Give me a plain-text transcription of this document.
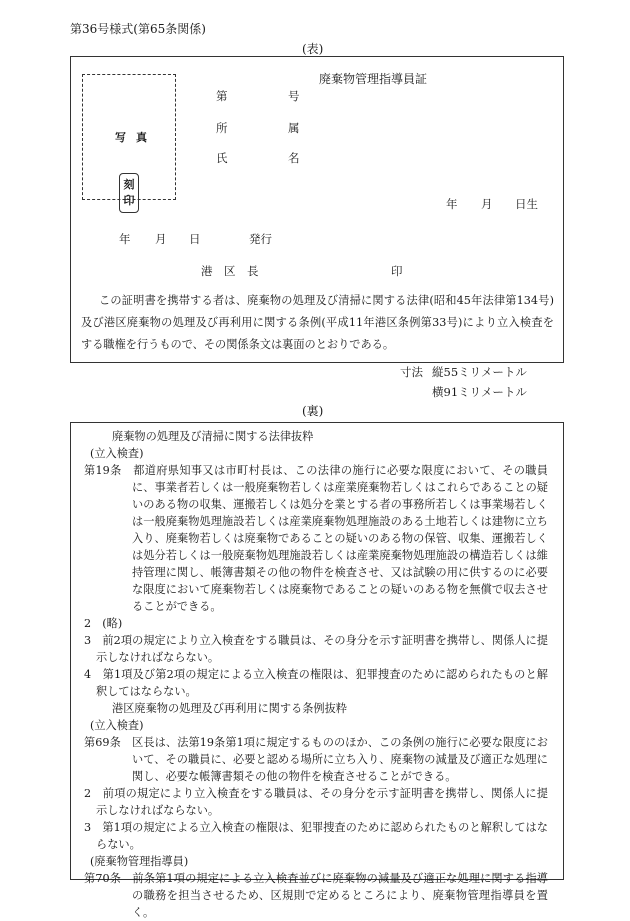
第36号様式(第65条関係)
(表)
写真
刻
印
廃棄物管理指導員証
第	号
所	属
氏	名
年 月 日生
年 月 日	発行
港　区　長	印
この証明書を携帯する者は、廃棄物の処理及び清掃に関する法律(昭和45年法律第134号)及び港区廃棄物の処理及び再利用に関する条例(平成11年港区条例第33号)により立入検査をする職権を行うもので、その関係条文は裏面のとおりである。
寸法 縦55ミリメートル
横91ミリメートル
(裏)

廃棄物の処理及び清掃に関する法律抜粋

(立入検査)

第19条　都道府県知事又は市町村長は、この法律の施行に必要な限度において、その職員に、事業者若しくは一般廃棄物若しくは産業廃棄物若しくはこれらであることの疑いのある物の収集、運搬若しくは処分を業とする者の事務所若しくは事業場若しくは一般廃棄物処理施設若しくは産業廃棄物処理施設のある土地若しくは建物に立ち入り、廃棄物若しくは廃棄物であることの疑いのある物の保管、収集、運搬若しくは処分若しくは一般廃棄物処理施設若しくは産業廃棄物処理施設の構造若しくは維持管理に関し、帳簿書類その他の物件を検査させ、又は試験の用に供するのに必要な限度において廃棄物若しくは廃棄物であることの疑いのある物を無償で収去させることができる。

2　(略)

3　前2項の規定により立入検査をする職員は、その身分を示す証明書を携帯し、関係人に提示しなければならない。

4　第1項及び第2項の規定による立入検査の権限は、犯罪捜査のために認められたものと解釈してはならない。

港区廃棄物の処理及び再利用に関する条例抜粋

(立入検査)

第69条　区長は、法第19条第1項に規定するもののほか、この条例の施行に必要な限度において、その職員に、必要と認める場所に立ち入り、廃棄物の減量及び適正な処理に関し、必要な帳簿書類その他の物件を検査させることができる。

2　前項の規定により立入検査をする職員は、その身分を示す証明書を携帯し、関係人に提示しなければならない。

3　第1項の規定による立入検査の権限は、犯罪捜査のために認められたものと解釈してはならない。

(廃棄物管理指導員)

第70条　前条第1項の規定による立入検査並びに廃棄物の減量及び適正な処理に関する指導の職務を担当させるため、区規則で定めるところにより、廃棄物管理指導員を置く。
